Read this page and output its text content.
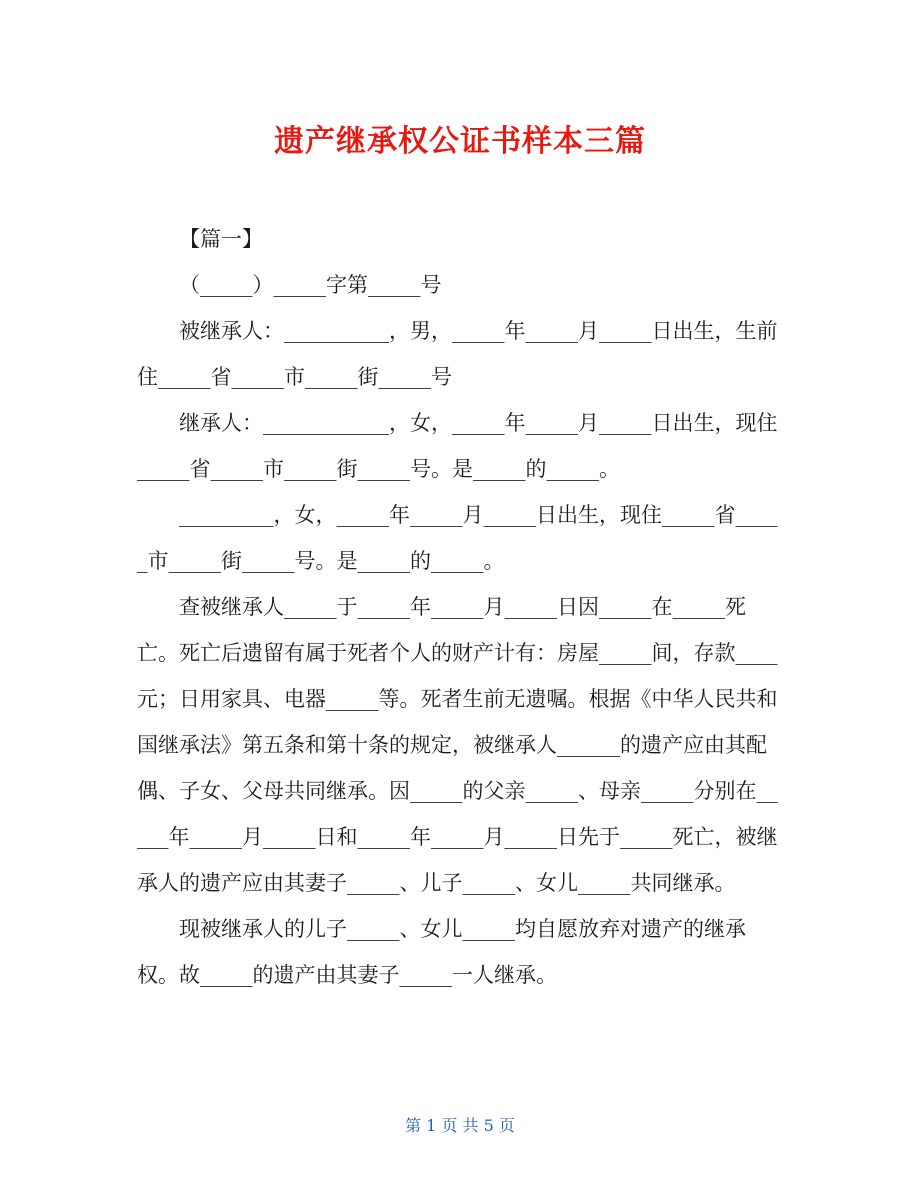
遗产继承权公证书样本三篇

【篇一】

（_____）_____字第_____号

被继承人：__________，男，_____年_____月_____日出生，生前住_____省_____市_____街_____号

继承人：____________，女，_____年_____月_____日出生，现住_____省_____市_____街_____号。是_____的_____。

_________，女，_____年_____月_____日出生，现住_____省_____市_____街_____号。是_____的_____。

查被继承人_____于_____年_____月_____日因_____在_____死亡。死亡后遗留有属于死者个人的财产计有：房屋_____间，存款____元；日用家具、电器_____等。死者生前无遗嘱。根据《中华人民共和国继承法》第五条和第十条的规定，被继承人______的遗产应由其配偶、子女、父母共同继承。因_____的父亲_____、母亲_____分别在_____年_____月_____日和_____年_____月_____日先于_____死亡，被继承人的遗产应由其妻子_____、儿子_____、女儿_____共同继承。

现被继承人的儿子_____、女儿_____均自愿放弃对遗产的继承权。故_____的遗产由其妻子_____一人继承。

第 1 页 共 5 页
